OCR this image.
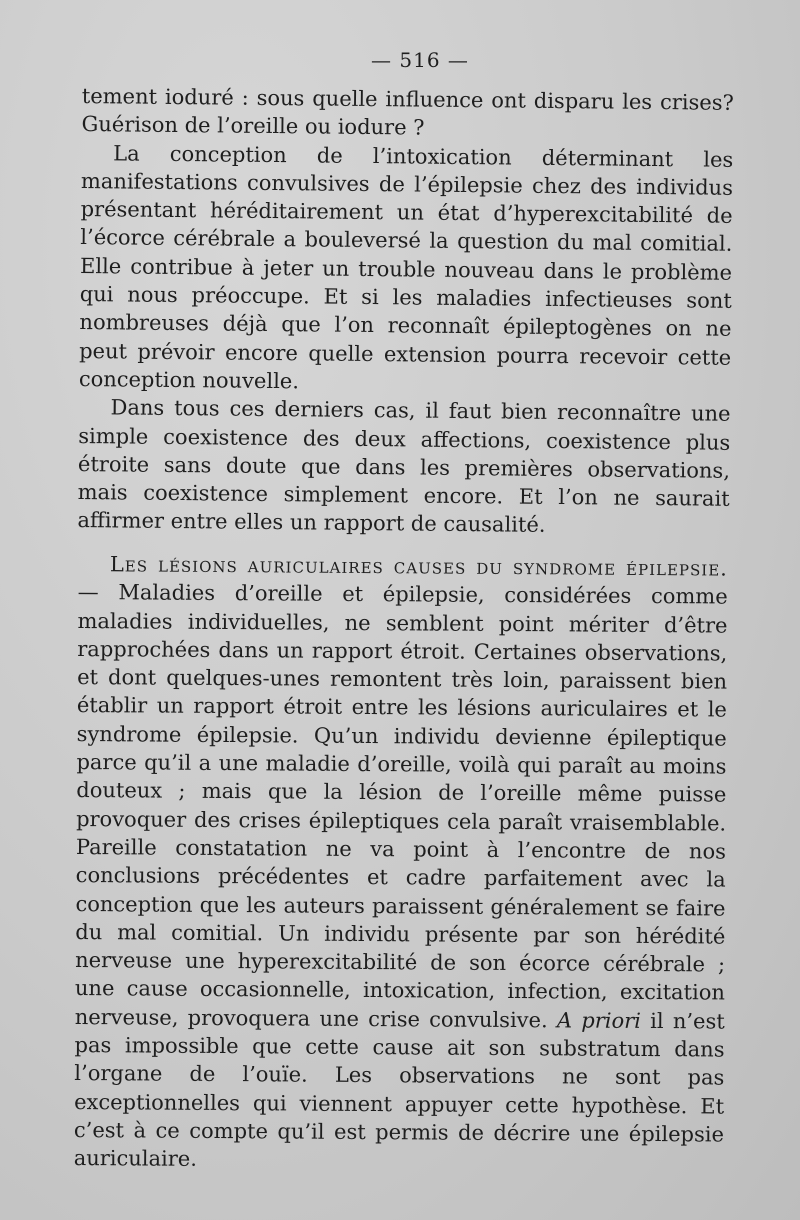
— 516 —

tement ioduré : sous quelle influence ont disparu les crises? Guérison de l’oreille ou iodure ?

La conception de l’intoxication déterminant les manifestations convulsives de l’épilepsie chez des individus présentant héréditairement un état d’hyperexcitabilité de l’écorce cérébrale a bouleversé la question du mal comitial. Elle contribue à jeter un trouble nouveau dans le problème qui nous préoccupe. Et si les maladies infectieuses sont nombreuses déjà que l’on reconnaît épileptogènes on ne peut prévoir encore quelle extension pourra recevoir cette conception nouvelle.

Dans tous ces derniers cas, il faut bien reconnaître une simple coexistence des deux affections, coexistence plus étroite sans doute que dans les premières observations, mais coexistence simplement encore. Et l’on ne saurait affirmer entre elles un rapport de causalité.

Les lésions auriculaires causes du syndrome épilepsie. — Maladies d’oreille et épilepsie, considérées comme maladies individuelles, ne semblent point mériter d’être rapprochées dans un rapport étroit. Certaines observations, et dont quelques-unes remontent très loin, paraissent bien établir un rapport étroit entre les lésions auriculaires et le syndrome épilepsie. Qu’un individu devienne épileptique parce qu’il a une maladie d’oreille, voilà qui paraît au moins douteux ; mais que la lésion de l’oreille même puisse provoquer des crises épileptiques cela paraît vraisemblable. Pareille constatation ne va point à l’encontre de nos conclusions précédentes et cadre parfaitement avec la conception que les auteurs paraissent généralement se faire du mal comitial. Un individu présente par son hérédité nerveuse une hyperexcitabilité de son écorce cérébrale ; une cause occasionnelle, intoxication, infection, excitation nerveuse, provoquera une crise convulsive. A priori il n’est pas impossible que cette cause ait son substratum dans l’organe de l’ouïe. Les observations ne sont pas exceptionnelles qui viennent appuyer cette hypothèse. Et c’est à ce compte qu’il est permis de décrire une épilepsie auriculaire.
